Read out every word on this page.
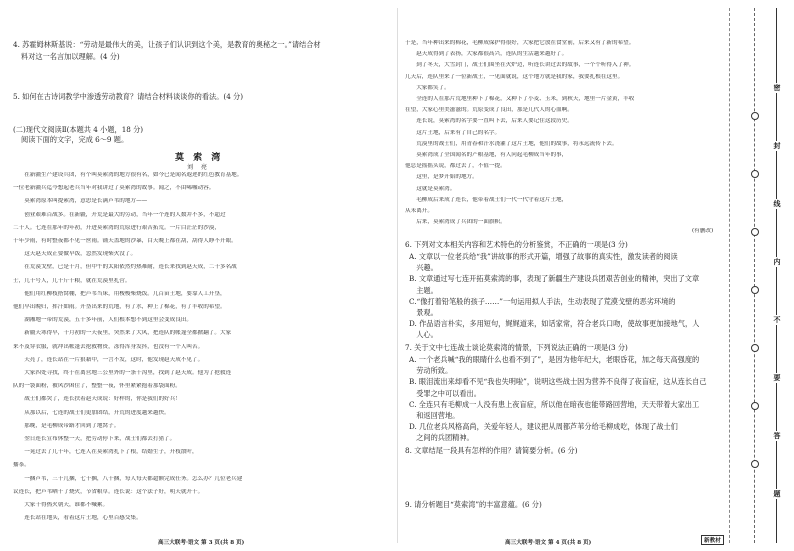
4. 苏霍姆林斯基说：“劳动是最伟大的美，让孩子们认识到这个美，是教育的奥秘之一。”请结合材
料对这一名言加以理解。(4 分)
5. 如何在古诗词教学中渗透劳动教育？请结合材料谈谈你的看法。(4 分)
(二)现代文阅读Ⅱ(本题共 4 小题，18 分)
阅读下面的文字，完成 6～9 题。
莫 索 湾
刘 　亮
　　在新疆生产建设兵团，有个叫莫索湾的地方很有名，如今已是闻名遐迩的红色教育基地。
一位老新疆兵迄今想起老兵当年对我讲过了莫索湾的故事。闻之，不由唏嘘动容。
　　莫索湾原本叫提索湾，意思是长满芦苇的地方——
　　创业艰难百战多。在新疆，开荒是最大的劳动，当年一个连的人数并不多，不超过
二十人。七连在那年的年初，开进莫索湾的荒原进行艰苦拓荒。一片白茫茫的沙漠，
十年少雨，有时整夜都不见一丝雨。铺天盖地的沙暴，白天晚上都在刮，刮得人睁不开眼。
　　这天赵天成正要做早饭，忽然发现柴火没了。
　　在荒漠戈壁，已是十月，但中午的太阳依然灼热难耐，连长来找到赵天成，二十多名战
士，几十号人，几十斤干粮，就在荒漠里扎营。
　　他们用红柳枝搭窝棚，把芦苇当床，用梭梭柴烧饭。几百亩土地，要靠人工开垦，
他们早出晚归，挥汗如雨。开垦出来的荒地，有了水，种上了棉花，有了丰收的希望。
　　湖湘地一带的荒漠，五十多年前，人们根本想不到这里会变成良田。
　　新疆天寒得早，十月初的一天夜里，突然来了大风，把连队的帐篷全都掀翻了。大家
来不及穿衣服，就冲出帐篷去抢救物资，冻得浑身发抖，也没有一个人叫苦。
　　天亮了，连长站在一片狼藉中，一言不发，这时，他发现赵天成不见了。
　　大家四处寻找，终于在离营地三公里外的一条干沟里，找到了赵天成。他为了抢救连
队的一袋面粉，被风沙困住了，整整一夜，怀里紧紧抱着那袋面粉。
　　战士们都哭了，连长扶着赵天成说：好样的，你是我们的好兵！
　　从那以后，七连的战士们更加团结，开荒的进度越来越快。
　　那晚，是毛柳成带路才回到了地窝子。
　　翌日连长宣布休整一天，把劳动停下来，战士们都去打猎了。
　　一晃过去了几十年，七连人在莫索湾扎下了根，结婚生子，开枝散叶，
播茶。
　　一捆芦苇，三十几捆，七十捆，八十捆，每人每天都超额完成任务。怎么办？几位老兵建
议连长，把芦苇晒干了烧火，节省粮草。连长说：这个法子好，明天就开干。
　　大家干得热火朝天，谁都不喊累。
　　连长站在地头，看着这片土地，心里百感交集。
高三大联考·语文 第 3 页(共 8 页)
于是，当年种出来的棉花，毛柳成保护得很好，大家把它放在食堂前，后来又有了新的希望。
　　赵天成得到了表扬，大家都很高兴，连队的生活越来越好了。
　　到了冬天，大雪封门，战士们围坐在火炉边，听连长讲过去的故事，一个个听得入了神。
几天后，连队里来了一位新战士，一见面就说，这个地方就是我的家，我要扎根在这里。
　　大家都笑了。
　　全连的人在那片荒地里种下了棉花，又种下了小麦、玉米，到秋天，地里一片金黄，丰收
在望，大家心里美滋滋的。荒原变成了良田，那是几代人的心血啊。
　　连长说，莫索湾的名字要一直叫下去，后来人要记住这段历史。
　　这片土地，后来有了自己的名字。
　　荒漠里的战士们，用青春和汗水浇灌了这片土地，他们的故事，将永远流传下去。
　　莫索湾成了全国闻名的产粮基地，有人问起毛柳成当年的事，
他总是摇摇头说，都过去了，不值一提。
　　这里，是梦开始的地方。
　　这就是莫索湾。
　　毛柳成后来成了连长，他带着战士们一代一代守着这片土地，
从未离开。
　　后来，莫索湾成了兵团的一面旗帜。
(有删改)
6. 下列对文本相关内容和艺术特色的分析鉴赏，不正确的一项是(3 分)
A. 文章以一位老兵给“我”讲故事的形式开篇，增强了故事的真实性，激发读者的阅读
　兴趣。
B. 文章通过写七连开拓莫索湾的事，表现了新疆生产建设兵团艰苦创业的精神，突出了文章
　主题。
C.“像打着铅笔般的孩子……”一句运用拟人手法，生动表现了荒漠戈壁的恶劣环境的
　景观。
D. 作品语言朴实，多用短句，娓娓道来，如话家常，符合老兵口吻，使故事更加接地气，人
　人心。
7. 关于文中七连战士谈论莫索湾的情景，下列说法正确的一项是(3 分)
A. 一个老兵喊“我的眼睛什么也看不到了”，是因为他年纪大，老眼昏花，加之每天高强度的
　劳动所致。
B. 眼泪流出来却看不见“我也失明啦”，说明这些战士因为营养不良得了夜盲症，这从连长自己
　受罪之中可以看出。
C. 全连只有毛柳成一人没有患上夜盲症，所以他在暗夜也能带路回营地，天天带着大家出工
　和返回营地。
D. 几位老兵风格高尚，关爱年轻人，建议把从周都芦苇分给毛柳成吃，体现了战士们
　之间的兵团精神。
8. 文章结尾一段具有怎样的作用？请简要分析。(6 分)
9. 请分析题目“莫索湾”的丰富意蕴。(6 分)
高三大联考·语文 第 4 页(共 8 页)	新教材
密
封
线
内
不
要
答
题
